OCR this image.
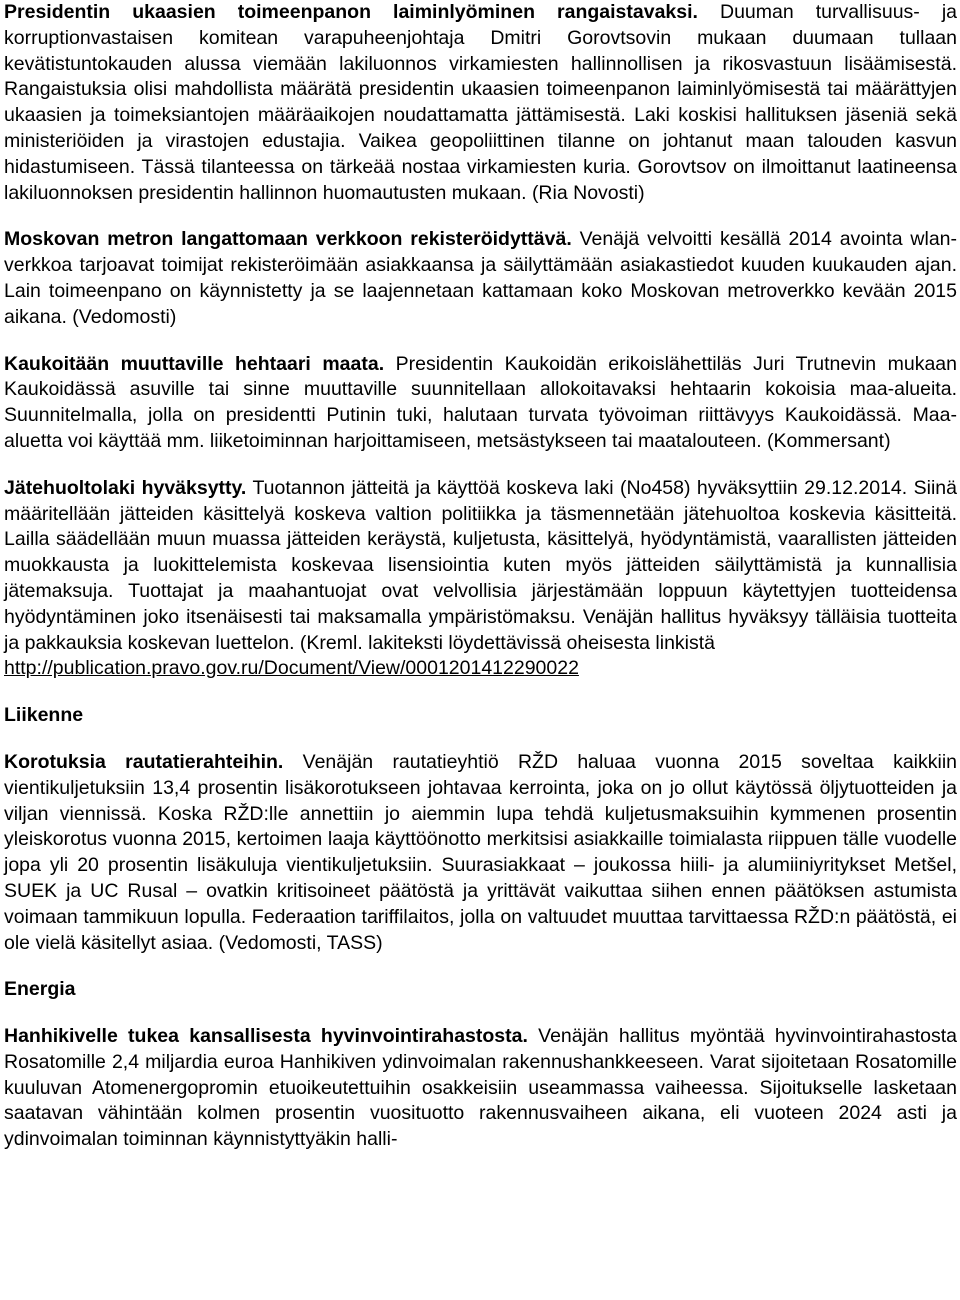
Presidentin ukaasien toimeenpanon laiminlyöminen rangaistavaksi. Duuman turvallisuus- ja korruptionvastaisen komitean varapuheenjohtaja Dmitri Gorovtsovin mukaan duumaan tullaan kevätistuntokauden alussa viemään lakiluonnos virkamiesten hallinnollisen ja rikosvastuun lisäämisestä. Rangaistuksia olisi mahdollista määrätä presidentin ukaasien toimeenpanon laiminlyömisestä tai määrättyjen ukaasien ja toimeksiantojen määräaikojen noudattamatta jättämisestä. Laki koskisi hallituksen jäseniä sekä ministeriöiden ja virastojen edustajia. Vaikea geopoliittinen tilanne on johtanut maan talouden kasvun hidastumiseen. Tässä tilanteessa on tärkeää nostaa virkamiesten kuria. Gorovtsov on ilmoittanut laatineensa lakiluonnoksen presidentin hallinnon huomautusten mukaan. (Ria Novosti)

Moskovan metron langattomaan verkkoon rekisteröidyttävä. Venäjä velvoitti kesällä 2014 avointa wlan-verkkoa tarjoavat toimijat rekisteröimään asiakkaansa ja säilyttämään asiakastiedot kuuden kuukauden ajan. Lain toimeenpano on käynnistetty ja se laajennetaan kattamaan koko Moskovan metroverkko kevään 2015 aikana. (Vedomosti)

Kaukoitään muuttaville hehtaari maata. Presidentin Kaukoidän erikoislähettiläs Juri Trutnevin mukaan Kaukoidässä asuville tai sinne muuttaville suunnitellaan allokoitavaksi hehtaarin kokoisia maa-alueita. Suunnitelmalla, jolla on presidentti Putinin tuki, halutaan turvata työvoiman riittävyys Kaukoidässä. Maa-aluetta voi käyttää mm. liiketoiminnan harjoittamiseen, metsästykseen tai maatalouteen. (Kommersant)

Jätehuoltolaki hyväksytty. Tuotannon jätteitä ja käyttöä koskeva laki (No458) hyväksyttiin 29.12.2014. Siinä määritellään jätteiden käsittelyä koskeva valtion politiikka ja täsmennetään jätehuoltoa koskevia käsitteitä. Lailla säädellään muun muassa jätteiden keräystä, kuljetusta, käsittelyä, hyödyntämistä, vaarallisten jätteiden muokkausta ja luokittelemista koskevaa lisensiointia kuten myös jätteiden säilyttämistä ja kunnallisia jätemaksuja. Tuottajat ja maahantuojat ovat velvollisia järjestämään loppuun käytettyjen tuotteidensa hyödyntäminen joko itsenäisesti tai maksamalla ympäristömaksu. Venäjän hallitus hyväksyy tälläisia tuotteita ja pakkauksia koskevan luettelon. (Kreml. lakiteksti löydettävissä oheisesta linkistä
http://publication.pravo.gov.ru/Document/View/0001201412290022

Liikenne

Korotuksia rautatierahteihin. Venäjän rautatieyhtiö RŽD haluaa vuonna 2015 soveltaa kaikkiin vientikuljetuksiin 13,4 prosentin lisäkorotukseen johtavaa kerrointa, joka on jo ollut käytössä öljytuotteiden ja viljan viennissä. Koska RŽD:lle annettiin jo aiemmin lupa tehdä kuljetusmaksuihin kymmenen prosentin yleiskorotus vuonna 2015, kertoimen laaja käyttöönotto merkitsisi asiakkaille toimialasta riippuen tälle vuodelle jopa yli 20 prosentin lisäkuluja vientikuljetuksiin. Suurasiakkaat – joukossa hiili- ja alumiiniyritykset Metšel, SUEK ja UC Rusal – ovatkin kritisoineet päätöstä ja yrittävät vaikuttaa siihen ennen päätöksen astumista voimaan tammikuun lopulla. Federaation tariffilaitos, jolla on valtuudet muuttaa tarvittaessa RŽD:n päätöstä, ei ole vielä käsitellyt asiaa. (Vedomosti, TASS)

Energia

Hanhikivelle tukea kansallisesta hyvinvointirahastosta. Venäjän hallitus myöntää hyvinvointirahastosta Rosatomille 2,4 miljardia euroa Hanhikiven ydinvoimalan rakennushankkeeseen. Varat sijoitetaan Rosatomille kuuluvan Atomenergopromin etuoikeutettuihin osakkeisiin useammassa vaiheessa. Sijoitukselle lasketaan saatavan vähintään kolmen prosentin vuosituotto rakennusvaiheen aikana, eli vuoteen 2024 asti ja ydinvoimalan toiminnan käynnistyttyäkin halli-
